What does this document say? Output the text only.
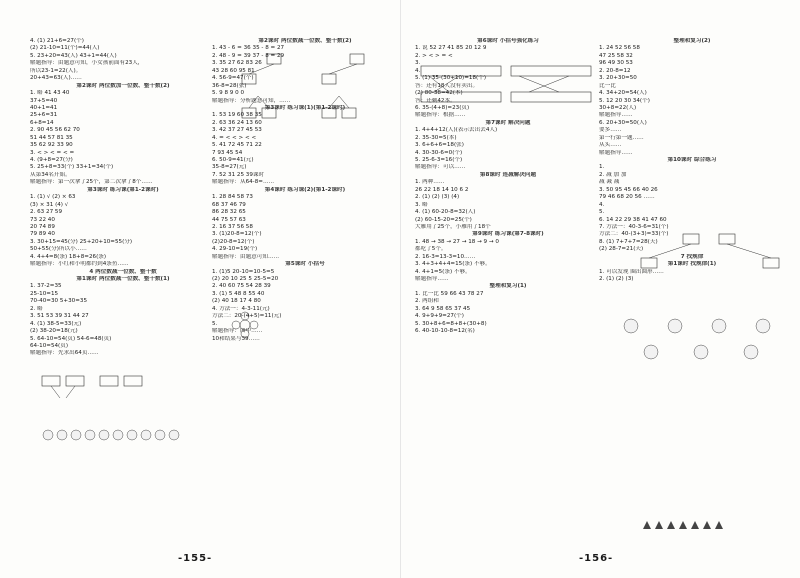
4. (1) 21+6=27(个)
(2) 21-10=11(个)=44(人)
5. 23+20=43(人) 43+1=44(人)
解题指导：由题意可知，小女孩前面有23人，
所以23-1=22(人)。
20+43=63(人)……
第2课时 两位数加一位数、整十数(2)
1. 略 41 43 40
37+5=40
40+1=41
25+6=31
6+8=14
2. 90 45 56 62 70
51 44 57 81 35
35 62 92 33 90
3. < > < = < =
4. (9+8=27(分)
5. 25+8=33(个) 33+1=34(个)
从第34名开始。
解题指导：第一次拿了25个，第二次拿了8个……
第3课时 练习课(第1-2课时)
1. (1) √ (2) × 63
(3) × 31 (4) √
2. 63 27 59
73 22 40
20 74 89
79 89 40
3. 30+15=45(分) 25+20+10=55(分)
50+55(分)所以小……
4. 4+4=8(条) 18+8=26(条)
解题指导：小红和小明都钓到4条鱼……
4 两位数减一位数、整十数
第1课时 两位数减一位数、整十数(1)
1. 37-2=35
25-10=15
70-40=30 5+30=35
2. 略
3. 51 53 39 31 44 27
4. (1) 38-5=33(元)
(2) 38-20=18(元)
5. 64-10=54(页) 54-6=48(页)
64-10=54(页)
解题指导：先求出64页……
第2课时 两位数减一位数、整十数(2)
1. 43 - 6 = 36 35 - 8 = 27
2. 48 - 9 = 39 37 - 8 = 29
3. 35 27 62 83 26
43 28 60 95 81
4. 56-9=47(个)
36-8=28(张)
5. 9 8 9 0 0
解题指导：分析题意可知，……
第3课时 练习课(1)(第1-2课时)
1. 53 19 60 38 35
2. 63 36 24 13 60
3. 42 37 27 45 53
4. = < < > < <
5. 41 72 45 71 22
7 93 45 54
6. 50-9=41(元)
35-8=27(元)
7. 52 31 25 39课时
解题指导：从64-8=……
第4课时 练习课(2)(第1-2课时)
1. 28 84 58 73
68 37 46 79
86 28 32 65
44 75 57 63
2. 16 37 56 58
3. (1)20-8=12(个)
(2)20-8=12(个)
4. 29-10=19(个)
解题指导：由题意可知……
第5课时 小括号
1. (1)5 20-10=10-5=5
(2) 20 10 25 5 25-5=20
2. 40 60 75 54 28 39
3. (1) 5 48 8 55 40
(2) 40 18 17 4 80
4. 方法一：4-3-11(元)
方法二：20-(4+5)=11(元)
5.
解题指导：图中……
10和结果与39……
-155-
第6课时 小括号强化练习
1. 说 52 27 41 85 20 12 9
2. > < > = <
3.
4.
5. (1) 35-(30+10)=18(个)
答：还有18人没有卖出。
(2) 80-38=42(本)
答：还剩42本。
6. 35-(4+8)=23(页)
解题指导：根据……
第7课时 解决问题
1. 4+4+12(人)(表示去出去4人)
2. 35-30=5(本)
3. 6+6+6=18(张)
4. 30-30-6=0(个)
5. 25-6-3=16(个)
解题指导：可以……
第8课时 连减解决问题
1. 两种……
26 22 18 14 10 6 2
2. (1) (2) (3) (4)
3. 略
4. (1) 60-20-8=32(人)
(2) 60-15-20=25(个)
大雁用了25个，小雁用了18个
第9课时 练习课(第7-8课时)
1. 48 → 38 → 27 → 18 → 9 → 0
都吃了5个。
2. 16-3=13-3=10……
3. 4+3+4+4=15(条) 不够。
4. 4+1=5(条) 不够。
解题指导……
整理和复习(1)
1. 比一比 59 66 43 78 27
2. 两组和
3. 64 9 58 65 37 45
4. 9+9+9=27(个)
5. 30+8+6=8+8+(30+8)
6. 40-10-10-8=12(名)
整理和复习(2)
1. 24 52 56 58
47 25 58 32
96 49 30 53
2. 20-8=12
3. 20+30=50
比一比
4. 34+20=54(人)
5. 12 20 30 34(个)
30+8=22(人)
解题指导……
6. 20+30=50(人)
要多……
第一行第一题……
从头……
解题指导……
第10课时 综合练习
1.
2. 减 加 加
减 减 减
3. 50 95 45 66 40 26
79 46 68 20 56 ……
4.
5.
6. 14 22 29 38 41 47 60
7. 方法一：40-3-6=31(个)
方法二：40-(3+3)=33(个)
8. (1) 7+7+7=28(天)
(2) 28-7=21(天)
7 找规律
第1课时 找规律(1)
1. 可以发现 圈出圆形……
2. (1) (2) (3)
-156-
